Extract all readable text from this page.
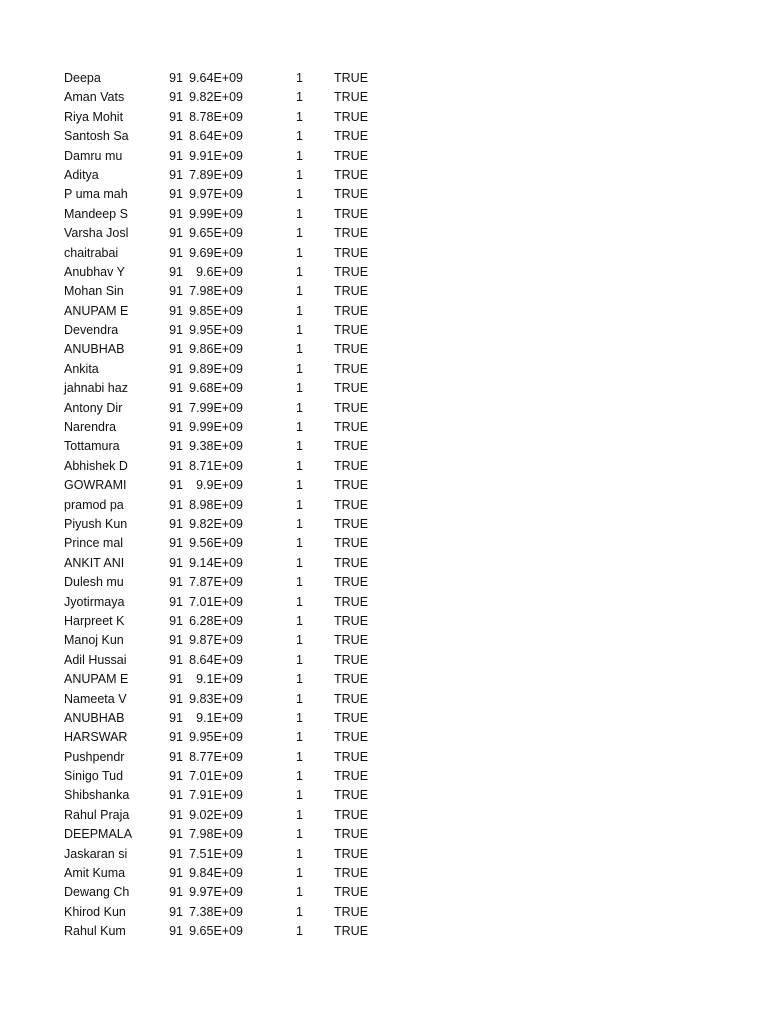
Deepa	91 9.64E+09	1 TRUE
Aman Vats	91 9.82E+09	1 TRUE
Riya Mohit	91 8.78E+09	1 TRUE
Santosh Sa	91 8.64E+09	1 TRUE
Damru mu	91 9.91E+09	1 TRUE
Aditya	91 7.89E+09	1 TRUE
P uma mah	91 9.97E+09	1 TRUE
Mandeep S	91 9.99E+09	1 TRUE
Varsha Josl	91 9.65E+09	1 TRUE
chaitrabai	91 9.69E+09	1 TRUE
Anubhav Y	91	9.6E+09	1 TRUE
Mohan Sin	91 7.98E+09	1 TRUE
ANUPAM E	91 9.85E+09	1 TRUE
Devendra	91 9.95E+09	1 TRUE
ANUBHAB	91 9.86E+09	1 TRUE
Ankita	91 9.89E+09	1 TRUE
jahnabi haz	91 9.68E+09	1 TRUE
Antony Dir	91 7.99E+09	1 TRUE
Narendra	91 9.99E+09	1 TRUE
Tottamura	91 9.38E+09	1 TRUE
Abhishek D	91 8.71E+09	1 TRUE
GOWRAMI	91	9.9E+09	1 TRUE
pramod pa	91 8.98E+09	1 TRUE
Piyush Kun	91 9.82E+09	1 TRUE
Prince mal	91 9.56E+09	1 TRUE
ANKIT ANI	91 9.14E+09	1 TRUE
Dulesh mu	91 7.87E+09	1 TRUE
Jyotirmaya	91 7.01E+09	1 TRUE
Harpreet K	91 6.28E+09	1 TRUE
Manoj Kun	91 9.87E+09	1 TRUE
Adil Hussai	91 8.64E+09	1 TRUE
ANUPAM E	91	9.1E+09	1 TRUE
Nameeta V	91 9.83E+09	1 TRUE
ANUBHAB	91	9.1E+09	1 TRUE
HARSWAR	91 9.95E+09	1 TRUE
Pushpendr	91 8.77E+09	1 TRUE
Sinigo Tud	91 7.01E+09	1 TRUE
Shibshanka	91 7.91E+09	1 TRUE
Rahul Praja	91 9.02E+09	1 TRUE
DEEPMALA	91 7.98E+09	1 TRUE
Jaskaran si	91 7.51E+09	1 TRUE
Amit Kuma	91 9.84E+09	1 TRUE
Dewang Ch	91 9.97E+09	1 TRUE
Khirod Kun	91 7.38E+09	1 TRUE
Rahul Kum	91 9.65E+09	1 TRUE
